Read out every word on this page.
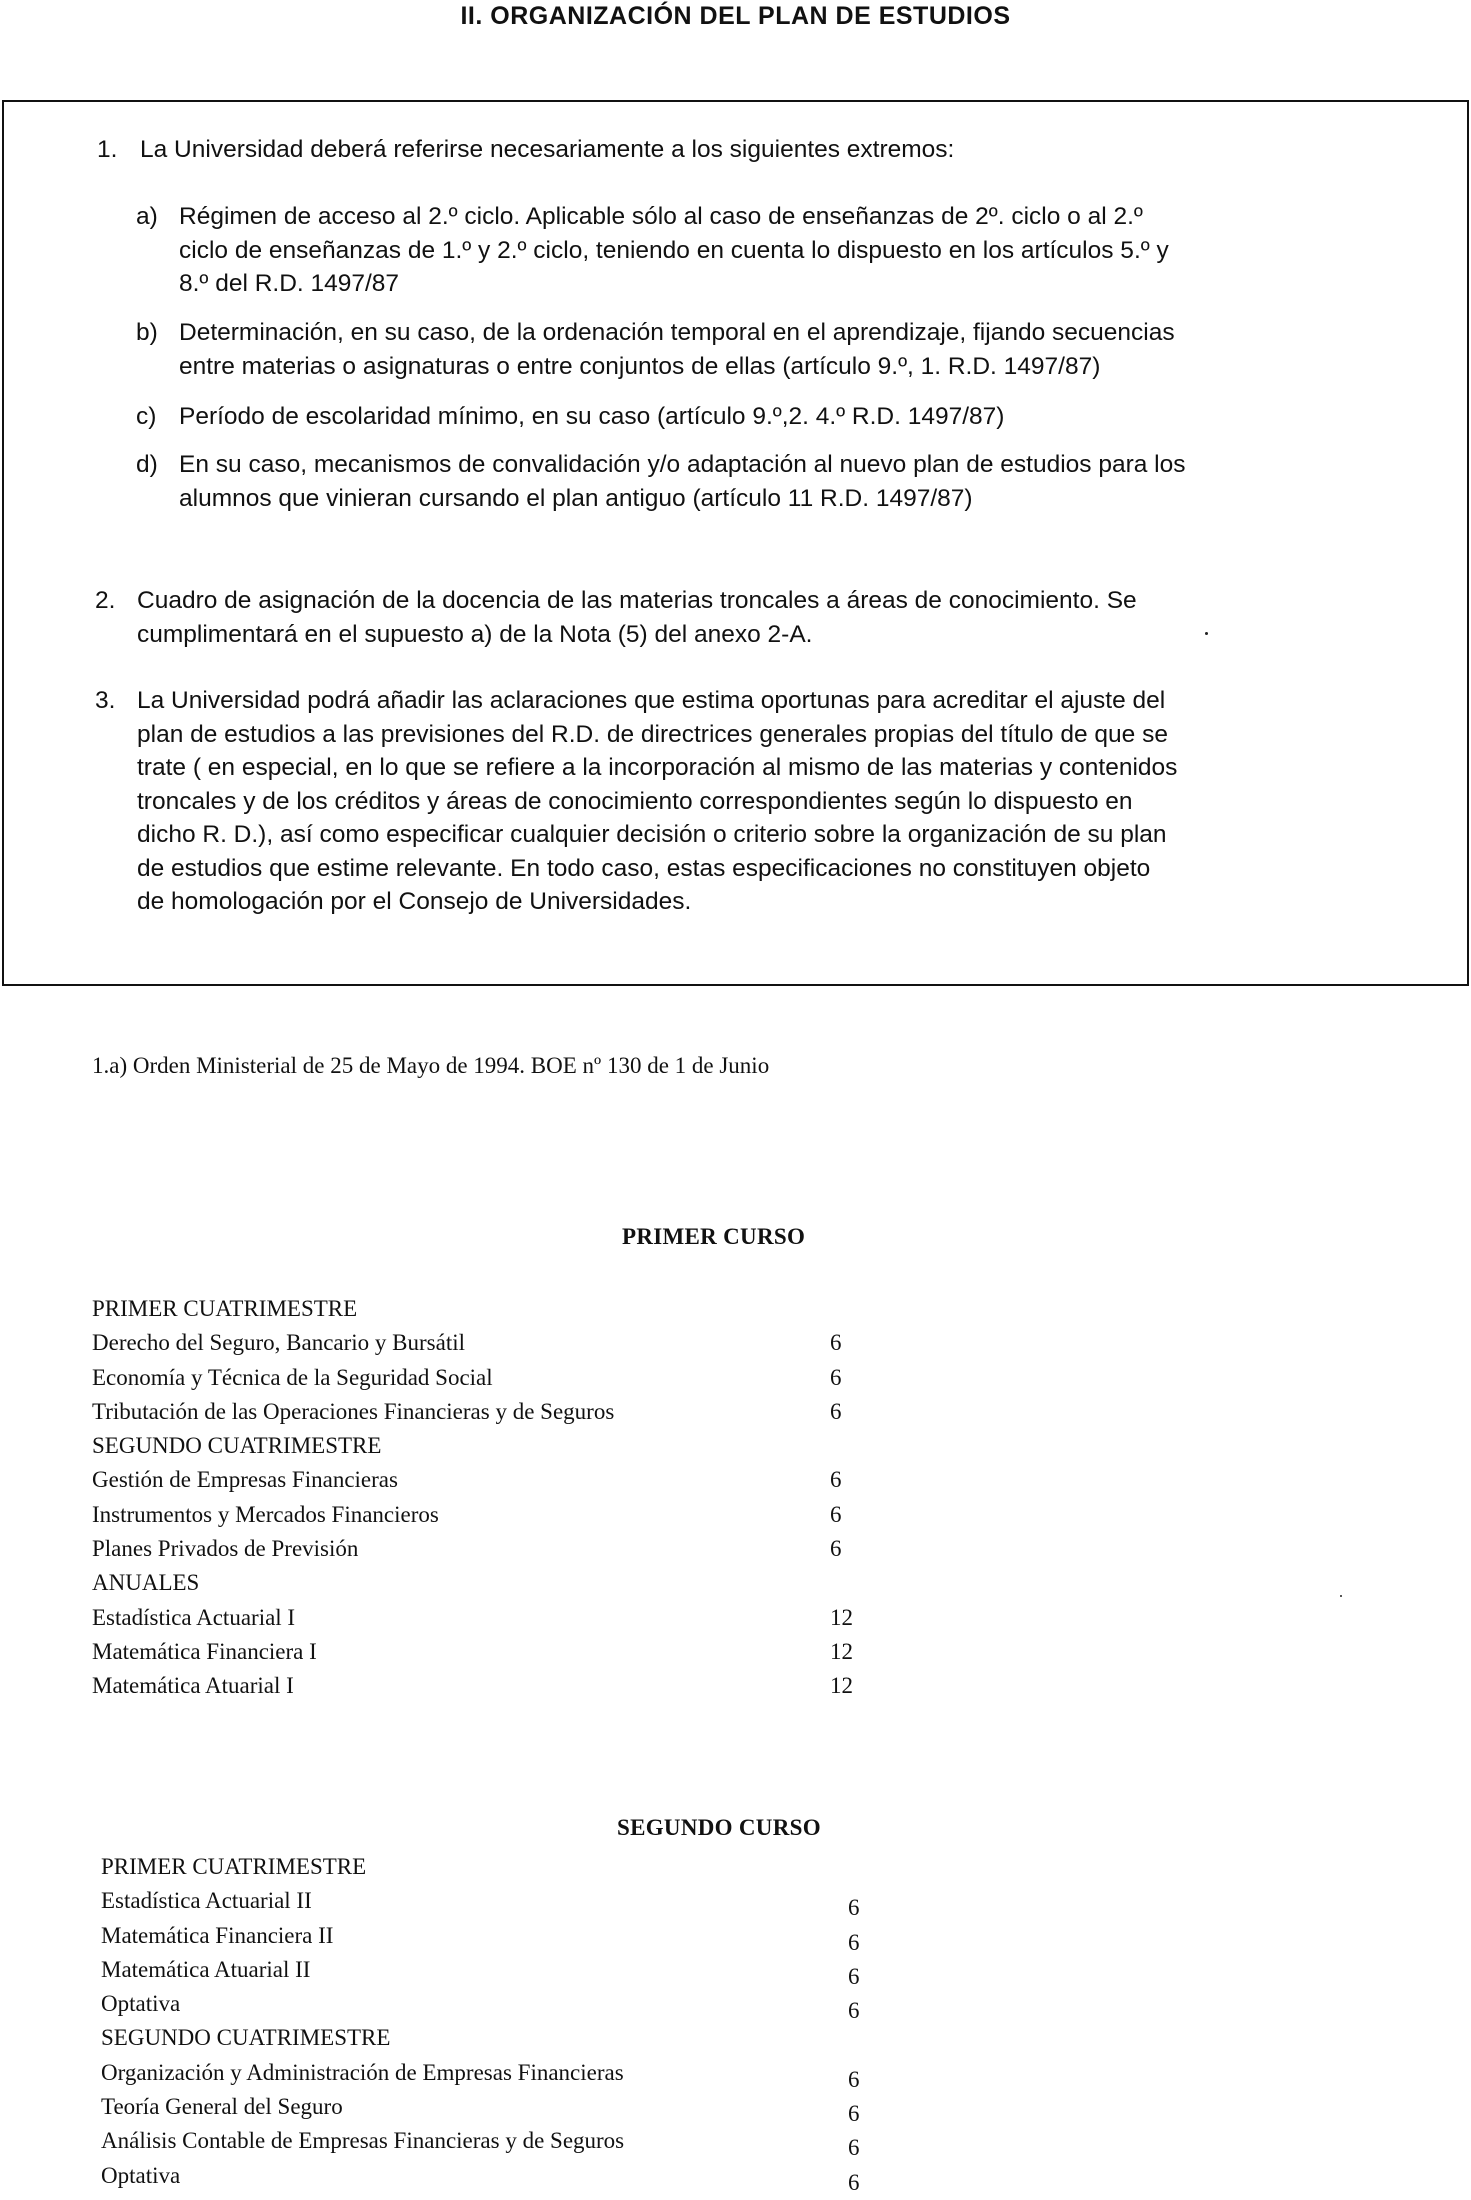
II. ORGANIZACIÓN DEL PLAN DE ESTUDIOS
1. La Universidad deberá referirse necesariamente a los siguientes extremos:
a) Régimen de acceso al 2.º ciclo. Aplicable sólo al caso de enseñanzas de 2º. ciclo o al 2.º
ciclo de enseñanzas de 1.º y 2.º ciclo, teniendo en cuenta lo dispuesto en los artículos 5.º y
8.º del R.D. 1497/87
b) Determinación, en su caso, de la ordenación temporal en el aprendizaje, fijando secuencias
entre materias o asignaturas o entre conjuntos de ellas (artículo 9.º, 1. R.D. 1497/87)
c) Período de escolaridad mínimo, en su caso (artículo 9.º,2. 4.º R.D. 1497/87)
d) En su caso, mecanismos de convalidación y/o adaptación al nuevo plan de estudios para los
alumnos que vinieran cursando el plan antiguo (artículo 11 R.D. 1497/87)
2. Cuadro de asignación de la docencia de las materias troncales a áreas de conocimiento. Se
cumplimentará en el supuesto a) de la Nota (5) del anexo 2-A.
3. La Universidad podrá añadir las aclaraciones que estima oportunas para acreditar el ajuste del
plan de estudios a las previsiones del R.D. de directrices generales propias del título de que se
trate ( en especial, en lo que se refiere a la incorporación al mismo de las materias y contenidos
troncales y de los créditos y áreas de conocimiento correspondientes según lo dispuesto en
dicho R. D.), así como especificar cualquier decisión o criterio sobre la organización de su plan
de estudios que estime relevante. En todo caso, estas especificaciones no constituyen objeto
de homologación por el Consejo de Universidades.
1.a) Orden Ministerial de 25 de Mayo de 1994. BOE nº 130 de 1 de Junio
PRIMER CURSO
PRIMER CUATRIMESTRE
Derecho del Seguro, Bancario y Bursátil	6
Economía y Técnica de la Seguridad Social	6
Tributación de las Operaciones Financieras y de Seguros	6
SEGUNDO CUATRIMESTRE
Gestión de Empresas Financieras	6
Instrumentos y Mercados Financieros	6
Planes Privados de Previsión	6
ANUALES
Estadística Actuarial I	12
Matemática Financiera I	12
Matemática Atuarial I	12
SEGUNDO CURSO
PRIMER CUATRIMESTRE
Estadística Actuarial II	6
Matemática Financiera II	6
Matemática Atuarial II	6
Optativa	6
SEGUNDO CUATRIMESTRE
Organización y Administración de Empresas Financieras	6
Teoría General del Seguro	6
Análisis Contable de Empresas Financieras y de Seguros	6
Optativa	6
